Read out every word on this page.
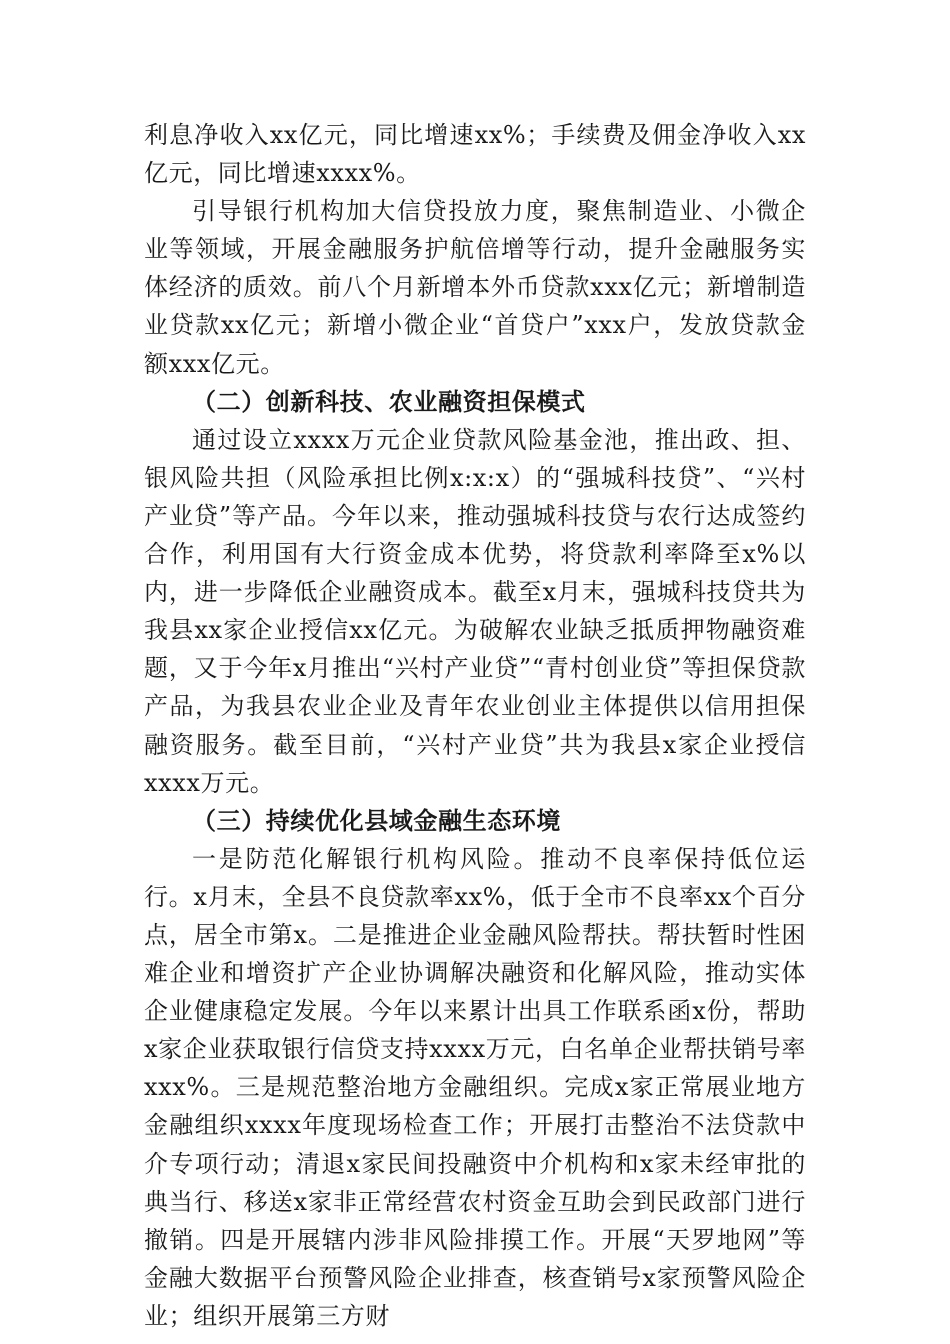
利息净收入xx亿元，同比增速xx%；手续费及佣金净收入xx亿元，同比增速xxxx%。

引导银行机构加大信贷投放力度，聚焦制造业、小微企业等领域，开展金融服务护航倍增等行动，提升金融服务实体经济的质效。前八个月新增本外币贷款xxx亿元；新增制造业贷款xx亿元；新增小微企业“首贷户”xxx户，发放贷款金额xxx亿元。

（二）创新科技、农业融资担保模式

通过设立xxxx万元企业贷款风险基金池，推出政、担、银风险共担（风险承担比例x:x:x）的“强城科技贷”、“兴村产业贷”等产品。今年以来，推动强城科技贷与农行达成签约合作，利用国有大行资金成本优势，将贷款利率降至x%以内，进一步降低企业融资成本。截至x月末，强城科技贷共为我县xx家企业授信xx亿元。为破解农业缺乏抵质押物融资难题，又于今年x月推出“兴村产业贷”“青村创业贷”等担保贷款产品，为我县农业企业及青年农业创业主体提供以信用担保融资服务。截至目前，“兴村产业贷”共为我县x家企业授信xxxx万元。

（三）持续优化县域金融生态环境

一是防范化解银行机构风险。推动不良率保持低位运行。x月末，全县不良贷款率xx%，低于全市不良率xx个百分点，居全市第x。二是推进企业金融风险帮扶。帮扶暂时性困难企业和增资扩产企业协调解决融资和化解风险，推动实体企业健康稳定发展。今年以来累计出具工作联系函x份，帮助x家企业获取银行信贷支持xxxx万元，白名单企业帮扶销号率xxx%。三是规范整治地方金融组织。完成x家正常展业地方金融组织xxxx年度现场检查工作；开展打击整治不法贷款中介专项行动；清退x家民间投融资中介机构和x家未经审批的典当行、移送x家非正常经营农村资金互助会到民政部门进行撤销。四是开展辖内涉非风险排摸工作。开展“天罗地网”等金融大数据平台预警风险企业排查，核查销号x家预警风险企业；组织开展第三方财
